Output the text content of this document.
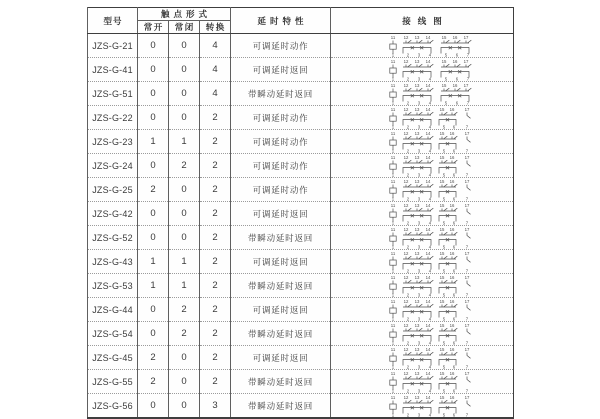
型号	触点形式			延时特性	接线图
	常开	常闭	转换		
JZS-G-21	0	0	4	可调延时动作	
11 12 13 14	15 16 17
1	2 3 4	5 6 7

JZS-G-41	0	0	4	可调延时返回	
11 12 13 14	15 16 17
1	2 3 4	5 6 7

JZS-G-51	0	0	4	带瞬动延时返回	
11 12 13 14	15 16 17
1	2 3 4	5 6 7

JZS-G-22	0	0	2	可调延时动作	
11 12 13 14 15 16 17
1	2 3 4	5 6 7

JZS-G-23	1	1	2	可调延时动作	
11 12 13 14 15 16 17
1	2 3 4	5 6 7

JZS-G-24	0	2	2	可调延时动作	
11 12 13 14 15 16 17
1	2 3 4	5 6 7

JZS-G-25	2	0	2	可调延时动作	
11 12 13 14 15 16 17
1	2 3 4	5 6 7

JZS-G-42	0	0	2	可调延时返回	
11 12 13 14 15 16 17
1	2 3 4	5 6 7

JZS-G-52	0	0	2	带瞬动延时返回	
11 12 13 14 15 16 17
1	2 3 4	5 6 7

JZS-G-43	1	1	2	可调延时返回	
11 12 13 14 15 16 17
1	2 3 4	5 6 7

JZS-G-53	1	1	2	带瞬动延时返回	
11 12 13 14 15 16 17
1	2 3 4	5 6 7

JZS-G-44	0	2	2	可调延时返回	
11 12 13 14 15 16 17
1	2 3 4	5 6 7

JZS-G-54	0	2	2	带瞬动延时返回	
11 12 13 14 15 16 17
1	2 3 4	5 6 7

JZS-G-45	2	0	2	可调延时返回	
11 12 13 14 15 16 17
1	2 3 4	5 6 7

JZS-G-55	2	0	2	带瞬动延时返回	
11 12 13 14 15 16 17
1	2 3 4	5 6 7

JZS-G-56	0	0	3	带瞬动延时返回	
11 12 13 14 15 16 17
1	2 3 4	5 6 7
